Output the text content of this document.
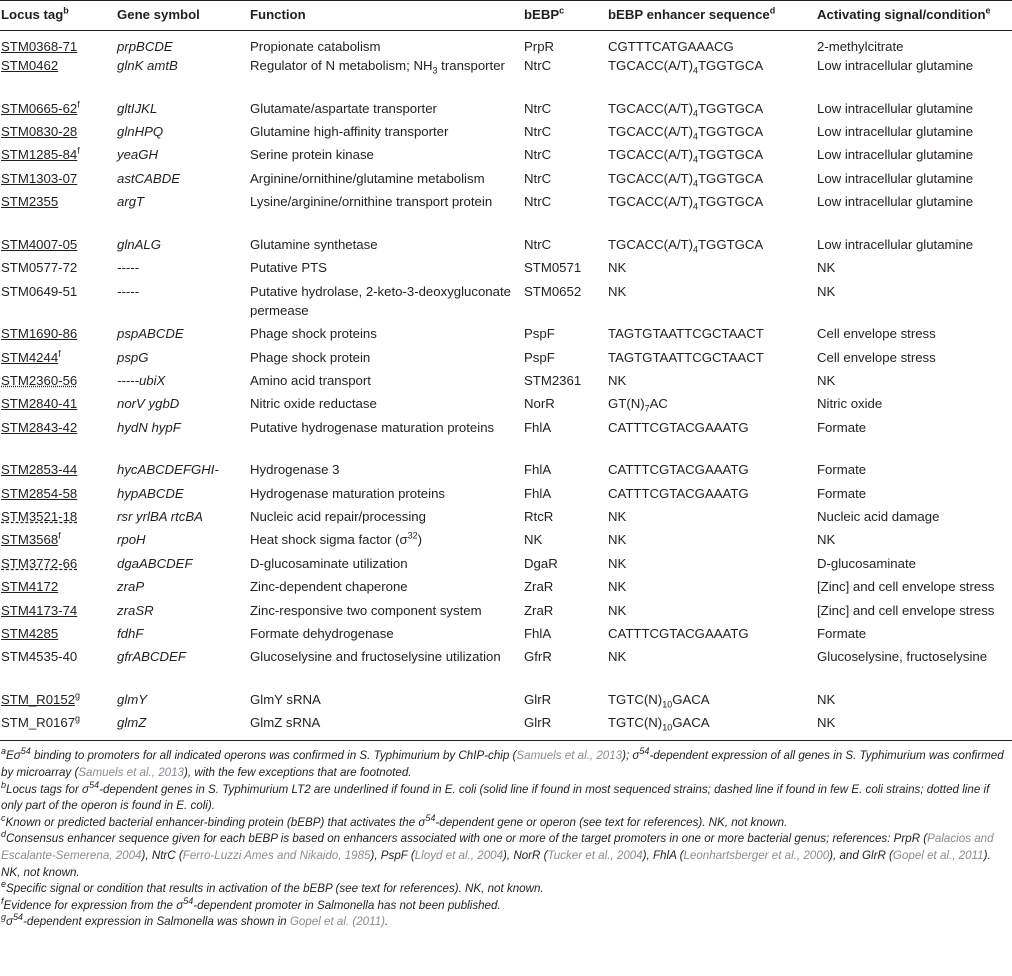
Locus tag$^b$	Gene symbol	Function	bEBP$^c$	bEBP enhancer sequence$^d$	Activating signal/condition$^e$
STM0368-71	prpBCDE	Propionate catabolism	PrpR	CGTTTCATGAAACG	2-methylcitrate
STM0462	glnK amtB	Regulator of N metabolism; $NH_3$ transporter	NtrC	$TGCACC(A/T)_4TGGTGCA$	Low intracellular glutamine
STM0665-62$^f$	gltIJKL	Glutamate/aspartate transporter	NtrC	$TGCACC(A/T)_4TGGTGCA$	Low intracellular glutamine
STM0830-28	glnHPQ	Glutamine high-affinity transporter	NtrC	$TGCACC(A/T)_4TGGTGCA$	Low intracellular glutamine
STM1285-84$^f$	yeaGH	Serine protein kinase	NtrC	$TGCACC(A/T)_4TGGTGCA$	Low intracellular glutamine
STM1303-07	astCABDE	Arginine/ornithine/glutamine metabolism	NtrC	$TGCACC(A/T)_4TGGTGCA$	Low intracellular glutamine
STM2355	argT	Lysine/arginine/ornithine transport protein	NtrC	$TGCACC(A/T)_4TGGTGCA$	Low intracellular glutamine
STM4007-05	glnALG	Glutamine synthetase	NtrC	$TGCACC(A/T)_4TGGTGCA$	Low intracellular glutamine
STM0577-72	-----	Putative PTS	STM0571	NK	NK
STM0649-51	-----	Putative hydrolase, 2-keto-3-deoxygluconate permease	STM0652	NK	NK
STM1690-86	pspABCDE	Phage shock proteins	PspF	TAGTGTAATTCGCTAACT	Cell envelope stress
STM4244$^f$	pspG	Phage shock protein	PspF	TAGTGTAATTCGCTAACT	Cell envelope stress
STM2360-56	-----ubiX	Amino acid transport	STM2361	NK	NK
STM2840-41	norV ygbD	Nitric oxide reductase	NorR	$GT(N)_7AC$	Nitric oxide
STM2843-42	hydN hypF	Putative hydrogenase maturation proteins	FhlA	CATTTCGTACGAAATG	Formate
STM2853-44	hycABCDEFGHI-	Hydrogenase 3	FhlA	CATTTCGTACGAAATG	Formate
STM2854-58	hypABCDE	Hydrogenase maturation proteins	FhlA	CATTTCGTACGAAATG	Formate
STM3521-18	rsr yrlBA rtcBA	Nucleic acid repair/processing	RtcR	NK	Nucleic acid damage
STM3568$^f$	rpoH	Heat shock sigma factor $(\sigma^{32})$	NK	NK	NK
STM3772-66	dgaABCDEF	D-glucosaminate utilization	DgaR	NK	D-glucosaminate
STM4172	zraP	Zinc-dependent chaperone	ZraR	NK	[Zinc] and cell envelope stress
STM4173-74	zraSR	Zinc-responsive two component system	ZraR	NK	[Zinc] and cell envelope stress
STM4285	fdhF	Formate dehydrogenase	FhlA	CATTTCGTACGAAATG	Formate
STM4535-40	gfrABCDEF	Glucoselysine and fructoselysine utilization	GfrR	NK	Glucoselysine, fructoselysine
STM_R0152$^g$	glmY	GlmY sRNA	GlrR	$TGTC(N)_{10}GACA$	NK
STM_R0167$^g$	glmZ	GlmZ sRNA	GlrR	$TGTC(N)_{10}GACA$	NK

$^aE\sigma^{54}$ binding to promoters for all indicated operons was confirmed in S. Typhimurium by ChIP-chip (Samuels et al., 2013); $\sigma^{54}$-dependent expression of all genes in S. Typhimurium was confirmed by microarray (Samuels et al., 2013), with the few exceptions that are footnoted.

$^b$Locus tags for $\sigma^{54}$-dependent genes in S. Typhimurium LT2 are underlined if found in E. coli (solid line if found in most sequenced strains; dashed line if found in few E. coli strains; dotted line if only part of the operon is found in E. coli).

$^c$Known or predicted bacterial enhancer-binding protein (bEBP) that activates the $\sigma^{54}$-dependent gene or operon (see text for references). NK, not known.

$^d$Consensus enhancer sequence given for each bEBP is based on enhancers associated with one or more of the target promoters in one or more bacterial genus; references: PrpR (Palacios and Escalante-Semerena, 2004), NtrC (Ferro-Luzzi Ames and Nikaido, 1985), PspF (Lloyd et al., 2004), NorR (Tucker et al., 2004), FhlA (Leonhartsberger et al., 2000), and GlrR (Gopel et al., 2011). NK, not known.

$^e$Specific signal or condition that results in activation of the bEBP (see text for references). NK, not known.

$^f$Evidence for expression from the $\sigma^{54}$-dependent promoter in Salmonella has not been published.

$^g\sigma^{54}$-dependent expression in Salmonella was shown in Gopel et al. (2011).
